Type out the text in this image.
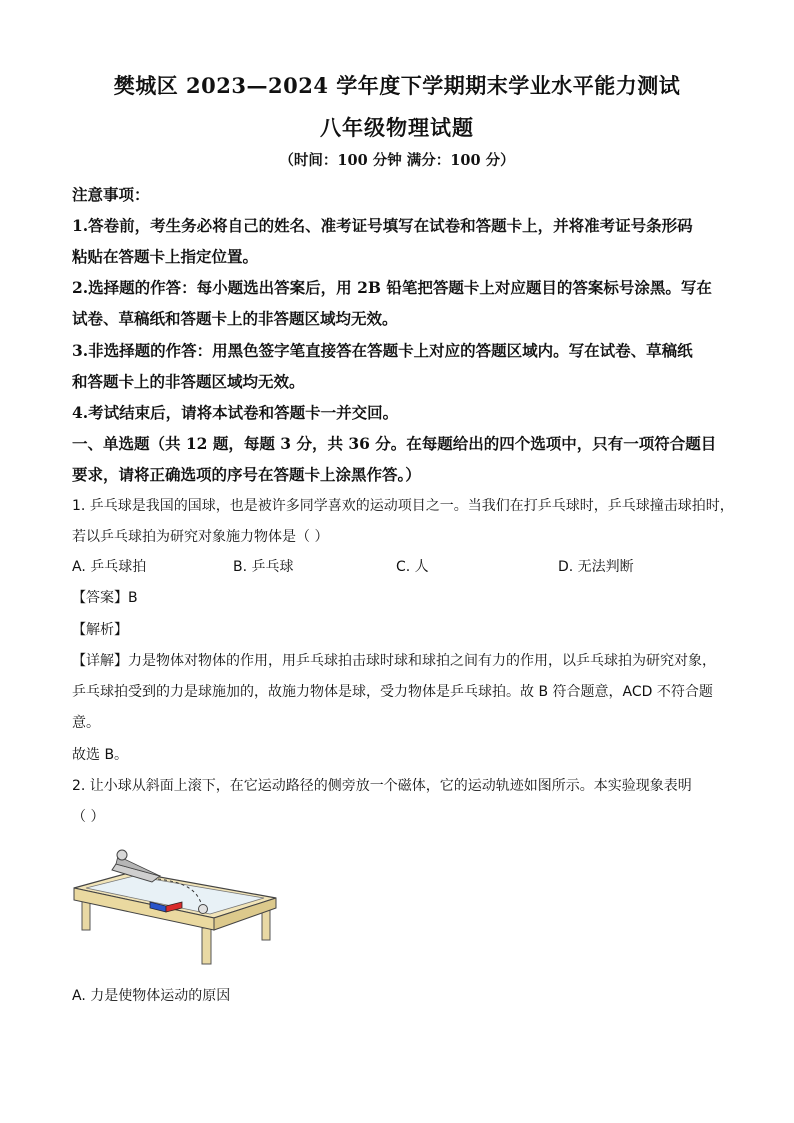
樊城区 2023—2024 学年度下学期期末学业水平能力测试
八年级物理试题
（时间：100 分钟 满分：100 分）
注意事项：
1.答卷前，考生务必将自己的姓名、准考证号填写在试卷和答题卡上，并将准考证号条形码
粘贴在答题卡上指定位置。
2.选择题的作答：每小题选出答案后，用 2B 铅笔把答题卡上对应题目的答案标号涂黑。写在
试卷、草稿纸和答题卡上的非答题区域均无效。
3.非选择题的作答：用黑色签字笔直接答在答题卡上对应的答题区域内。写在试卷、草稿纸
和答题卡上的非答题区域均无效。
4.考试结束后，请将本试卷和答题卡一并交回。
一、单选题（共 12 题，每题 3 分，共 36 分。在每题给出的四个选项中，只有一项符合题目
要求，请将正确选项的序号在答题卡上涂黑作答。）
1. 乒乓球是我国的国球，也是被许多同学喜欢的运动项目之一。当我们在打乒乓球时，乒乓球撞击球拍时，
若以乒乓球拍为研究对象施力物体是（ ）
A. 乒乓球拍	B. 乒乓球	C. 人	D. 无法判断
【答案】B
【解析】
【详解】力是物体对物体的作用，用乒乓球拍击球时球和球拍之间有力的作用，以乒乓球拍为研究对象，
乒乓球拍受到的力是球施加的，故施力物体是球，受力物体是乒乓球拍。故 B 符合题意，ACD 不符合题
意。
故选 B。
2. 让小球从斜面上滚下，在它运动路径的侧旁放一个磁体，它的运动轨迹如图所示。本实验现象表明
（ ）
A. 力是使物体运动的原因
